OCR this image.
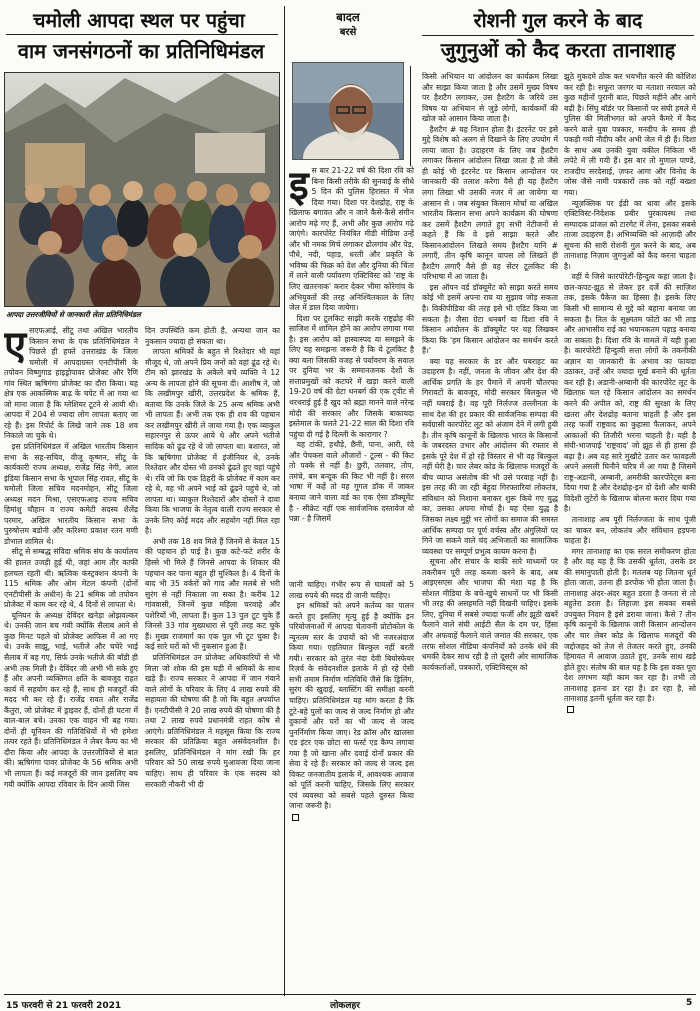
चमोली आपदा स्थल पर पहुंचा
वाम जनसंगठनों का प्रतिनिधिमंडल
आपदा उत्तरजीवियों से जानकारी लेता प्रतिनिधिमंडल
ए सएफआई, सीटू तथा अखिल भारतीय किसान सभा के एक प्रतिनिधिमंडल ने पिछले ही हफ्ते उत्तराखंड के जिला चमोली में आपदाग्रस्त एनटीपीसी के तपोवन विष्णुगाड हाइड्रोपावर प्रोजेक्ट और रैणि गांव स्थित ऋषिगंगा प्रोजेक्ट का दौरा किया। यह क्षेत्र एक आकस्मिक बाढ़ के चपेट में आ गया था जो माना जाता है कि ग्लेशियर टूटने से आयी थी। आपदा में 204 से ज्यादा लोग लापता बताए जा रहे हैं। इस रिपोर्ट के लिखे जाने तक 18 शव निकाले जा चुके थे।
 इस प्रतिनिधिमंडल में अखिल भारतीय किसान सभा के सह-सचिव, वीजू कृष्णन, सीटू के कार्यकारी राज्य अध्यक्ष, राजेंद्र सिंह नेगी, आल इंडिया किसान सभा के भूपाल सिंह रावत, सीटू के चमोली जिला सचिव मदनमोहन, सीटू जिला अध्यक्ष मदन मिश्रा, एसएफआइ राज्य सचिव हिमांशु चौहान व राज्य कमेटी सदस्य शैलेंद्र परमार, अखिल भारतीय किसान सभा के पुरुषोत्तम बडोनी और करिश्मा प्रकाश रतन मणी डोभाल शामिल थे।
 सीटू से सम्बद्ध संविदा श्रमिक संघ के कार्यालय की हालत उजड़ी हुई थी, जहां आम तौर काफी हलचल रहती थी। ऋत्विक कंस्ट्रक्शन कंपनी के 115 श्रमिक और ओम मेटल कंपनी (दोनों एनटीपीसी के अधीन) के 21 श्रमिक जो तपोवन प्रोजेक्ट में काम कर रहे थे, 4 दिनों से लापता थे।
 यूनियन के अध्यक्ष देविंदर खनेड़ा ओझवल्कर थे। उनकी जान बच गयी क्योंकि सैलाब आने से कुछ मिनट पहले वो प्रोजेक्ट आफिस में आ गए थे। उनके साझू, भाई, भतीजे और चचेरे भाई सैलाब में बह गए, सिर्फ उनके भतीजे की बॉडी ही अभी तक मिली है। देविंदर जी अभी भी सके हुए हैं और अपनी व्यक्तिगत क्षति के बावजूद राहत कार्य में सहयोग कर रहे हैं, साथ ही मजदूरों की मदद भी कर रहे हैं। राजेंद्र रावत और राजेंद्र कैंतुरा, जो प्रोजेक्ट में ड्राइवर हैं, दोनों ही घटना में बाल-बाल बचे। उनका एक वाहन भी बह गया। दोनों ही यूनियन की गतिविधियों में भी हमेशा तत्पर रहते हैं। प्रतिनिधिमंडल ने लेबर कैम्प का भी दौरा किया और आपदा के उत्तरजीवियों से बात की। ऋषिगंगा पावर प्रोजेक्ट के 56 श्रमिक अभी भी लापता हैं। कई मजदूरों की जान इसलिए बच गयी क्योंकि आपदा रविवार के दिन आयी जिस
दिन उपस्थिति कम होती है, अन्यथा जान का नुकसान ज्यादा हो सकता था।
 लापता श्रमिकों के बहुत से रिश्तेदार भी वहां मौजूद थे, जो अपने प्रिय जनों को वहां ढूंढ रहे थे। टीम को झारखंड के अकेले बचे व्यक्ति ने 12 अन्य के लापता होने की सूचना दी। आशीष ने, जो कि लखीमपुर खीरी, उत्तरप्रदेश के श्रमिक हैं, बताया कि उनके जिले के 25 अन्य श्रमिक अभी भी लापता हैं। अभी तक एक ही शव की पहचान कर लखीमपुर खीरी ले जाया गया है। एक व्याकुल सहारनपुर से ऊपर आये थे और अपने भतीजे सादिक को ढूंढ रहे थे जो लापता था। बशारत, जो कि ऋषिगंगा प्रोजेक्ट में इंजीनियर थे, उनके रिश्तेदार और दोस्त भी उनको ढूंढते हुए वहां पहुंचे थे। रवि जो कि एक ठिहरी के प्रोजेक्ट में काम कर रहे थे, वह भी अपने भाई को ढूंढने पहुंचे थे, जो लापता था। व्याकुल रिश्तेदारों और दोस्तों ने दावा किया कि भाजपा के नेतृत्व वाली राज्य सरकार से उनके लिए कोई मदद और सहयोग नहीं मिल रहा है।
 अभी तक 18 शव मिले हैं जिनमें से केवल 15 की पहचान हो पाई है। कुछ कटे-फटे शरीर के हिस्से भी मिले हैं जिनसे आपदा के शिकार की पहचान कर पाना बहुत ही मुश्किल है। 4 दिनों के बाद भी 35 वर्करों को गाद और मलबे से भरी सुरंग से नहीं निकाला जा सका है। करीब 12 गांववासी, जिनमें कुछ महिला चरवाहे और पशेरियों भी, लापता हैं। कुल 13 पुल टूट चुके हैं जिनसे 33 गांव मुख्यधारा से पूरी तरह कट चुके हैं। मुख्य राजमार्ग का एक पुल भी टूट चुका है। कई सारे घरों को भी नुकसान हुआ है।
 प्रतिनिधिमंडल उन प्रोजेक्ट अधिकारियों से भी मिला जो शोक की इस घड़ी में श्रमिकों के साथ खड़े हैं। राज्य सरकार ने आपदा में जान गंवाने वाले लोगों के परिवार के लिए 4 लाख रुपये की सहायता की घोषणा की है जो कि बहुत अपर्याप्त है। एनटीपीसी ने 20 लाख रुपये की घोषणा की है तथा 2 लाख रुपये प्रधानमंत्री राहत कोष से आएंगे। प्रतिनिधिमंडल ने महसूस किया कि राज्य सरकार की प्रतिक्रिया बहुत असंवेदनशील है। इसलिए, प्रतिनिधिमंडल ने मांग रखी कि हर परिवार को 50 लाख रुपये मुआवजा दिया जाना चाहिए। साथ ही परिवार के एक सदस्य को सरकारी नौकरी भी दी
बादल
बरसे
इ स बार 21-22 वर्ष की दिशा रवि को बिना किसी तरीके की सुनवाई के सीधे 5 दिन की पुलिस हिरासत में भेज दिया गया। दिशा पर देशद्रोह, राष्ट्र के खिलाफ बगावत और न जाने कैसे-कैसे संगीन आरोप मढ़े गए हैं, अभी और कुछ आरोप गढ़े जाएंगे। कारपोरेट नियंत्रित मीडी मीडिया उन्हें और भी नमक मिर्च लगाकर ढोलगांव और पेड़, पौधे, नदी, पहाड़, धरती और प्रकृति के भविष्य की फिक्र को देश और दुनिया की चिंता में लाने वाली पर्यावरण एक्टिविस्ट को 'राष्ट्र के लिए खतरनाक' करार देकर भीमा कोरेगांव के अभियुक्तों की तरह अनिश्चितकाल के लिए जेल में डाल दिया जायेगा।
 दिशा पर टूलकिट साझी करके राष्ट्रद्रोह की साजिश में शामिल होने का आरोप लगाया गया है। इस आरोप को हास्यास्पद या समझने के लिए यह समझना जरूरी है कि ये टूलकिट है क्या बला जिसकी वजह से पर्यावरण के सवाल पर दुनिया भर के सम्मानजनक देशों के सत्ताप्रमुखों को कटघरे में खड़ा करने वाली 19-20 वर्ष की ग्रेटा थनबर्ग की एक ट्वीट से थरथराई हुई है खुद को ब्रह्मा मानने वाले नरेन्द्र मोदी की सरकार और जिसके बाकायदा इस्तेमाल के चलते 21-22 साल की दिशा रवि पहुंचा दी गई है दिल्ली के कारागार ?
 यह टांकी, हथौड़े, छैनी, पाना, आरी, रंदे और पेचकस वाले औजारों - टूल्स - की किट तो पक्के से नहीं है। छुरी, तलवार, तोप, तमंचे, बम बन्दूक की किट भी नहीं है। सरल भाषा में कहें तो यह गूगल डॉक में जाकर बनाया जाने वाला वर्ड का एक ऐसा डॉक्यूमेंट है - सीक्रेट नहीं एक सार्वजनिक दस्तावेज वो पन्ना - है जिसमें
जानी चाहिए। गंभीर रूप से घायलों को 5 लाख रुपये की मदद दी जानी चाहिए।
 इन श्रमिकों को अपने कर्तव्य का पालन करते हुए इसलिए मृत्यु हुई है क्योंकि इन परियोजनाओं में आपदा चेतावनी प्रोटोकोल के न्यूनतम स्तर के उपायों को भी नजरअंदाज किया गया। एहतियात बिल्कुल नहीं बरती गयी। सरकार को तुरंत नंदा देवी बियोस्फेयर रिज़र्व के संवेदनशील इलाके में हो रहे ऐसी सभी तमाम निर्माण गतिविधि जैसे कि ड्रिलिंग, सुरंग की खुदाई, ब्लास्टिंग की समीक्षा करनी चाहिए। प्रतिनिधिमंडल यह मांग करता है कि टूटे-बहे पुलों का जल्द से जल्द निर्माण हो और दुकानों और घरों का भी जल्द से जल्द पुनर्निर्माण किया जाए। रेड क्रॉस और खालसा एड इंटर एक छोटा सा फर्स्ट एड कैम्प लगाया गया है जो खाना और दवाई दोनों प्रकार की सेवा दे रहे हैं। सरकार को जल्द से जल्द इस विकट जनजातीय इलाके में, आवश्यक आवाज को पूर्ति करनी चाहिए, जिसके लिए सरकार एवं व्यवस्था को सबसे पहले दुरुस्त किया जाना जरूरी है।
किसी अभियान या आंदोलन का कार्यक्रम लिखा और साझा किया जाता है और उसमें मुख्य विषय पर हैशटैग लगाकर, उस हैशटैग के जरिये उस विषय या अभियान से जुड़े लोगों, कार्यकर्मों की खोज को आसान किया जाता है।
 हैशटैग # यह निशान होता है। इंटरनेट पर इसे मुद्दे विशेष को अलग से दिखाने के लिए उपयोग में लाया जाता है। उदाहरण के लिए जब हैशटैग लगाकर किसान आंदोलन लिखा जाता है तो जैसे ही कोई भी इंटरनेट पर किसान आन्दोलन पर जानकारी की तलाश करेगा वैसे ही यह हैशटैग लगा लिखा भी उसकी नजर में आ जायेगा या आसान से । जब संयुक्त किसान मोर्चा या अखिल भारतीय किसान सभा अपने कार्यक्रम की घोषणा कर उसमें हैशटैग लगाते हुए सभी नेटीजनों से कहते हैं कि वे इसे साझा करते और किसानआंदोलन लिखते समय हैशटैग यानि # लगाएँ, तीन कृषि कानून वापस लो लिखते ही हैशटैग लगाएँ वैसे ही वह सेंटर टूलकिट की परिभाषा में आ जाता है।
 इस ऑपन वर्ड डॉक्यूमेंट को साझा करते समय कोई भी इसमें अपना राय या सुझाव जोड़ सकता है। विकीपीडिया की तरह इसे भी एडिट किया जा सकता है। जैसा ग्रेटा थनबर्ग या दिशा रवि ने किसान आंदोलन के डॉक्यूमेंट पर यह लिखकर किया कि 'हम किसान आंदोलन का समर्थन करते हैं।'
 क्या यह सरकार के डर और घबराहट का उदाहरण है। नहीं, जनता के जीवन और देश की आर्थिक प्रगति के हर पैमाने में अपनी चौतरफा गिरावटों के बावजूद, मोदी सरकार बिलकुल भी नहीं घबराई है। वह पूरी निर्लज्ज तल्लीनता के साथ देश की हर प्रकार की सार्वजनिक सम्पदा की सर्वग्रासी कारपोरेट लूट को अंजाम देने में लगी हुयी है। तीन कृषि कानूनों के खिलाफ भारत के किसानों के जबरदस्त उभार और आंदोलन की रफ्तार से इसके पूरे देश में हो रहे विस्तार से भी वह बिल्कुल नहीं घेरी है। चार लेबर कोड के खिलाफ मजदूरों के बीच व्याप्त असंतोष की भी उसे परवाह नहीं है। इस तरह की जा रही बेहुदा गिरफ्तारियां लोकतंत्र, संविधान को निशाना बनाकर शुरू किये गए युद्ध का, उसका अपना मोर्चा है। यह ऐसा युद्ध है जिसका लक्ष्य मुट्ठी भर लोगों का समाज की समस्त आर्थिक सम्पदा पर पूर्ण वर्चस्व और अंगुलियों पर गिने जा सकने वाले चंद अभिजातों का सामाजिक व्यवस्था पर सम्पूर्ण प्रभुत्व कायम करना है।
 सूचना और संचार के बाकी सारे माध्यमों पर तकरीबन पूरी तरह कब्जा करने के बाद, अब आइएसएस और भाजपा की मंशा यह है कि सोशल मीडिया के बचे-खुचे साधनों पर भी किसी भी तरह की असहमति नहीं दिखनी चाहिए। इसके लिए, दुनिया में सबसे ज्यादा फर्जी और झूठी खबरें फैलाने वाले संघी आईटी सैल के दम पर, हिंसा और अफवाहें फैलाने वाले जमात की सरकार, एक तरफ सोशल मीडिया कंपनियों को उनके धंधे की धमकी देकर साथ रही है तो दूसरी ओर सामाजिक कार्यकर्ताओं, पत्रकारों, एक्टिविस्ट्स को
रोशनी गुल करने के बाद
जुगुनुओं को कैद करता तानाशाह
झूठे मुकदमे ठोक कर भयभीत करने की कोशिश कर रही है। सफूरा जरगर या नताशा नरवाल को कुछ महीनों पुरानी बात, पिछले महीने और आगे बढ़ी है। सिंघु बॉर्डर पर किसानों पर संघी हमले में पुलिस की मिलीभगत को अपने कैमरे में कैद करने वाले युवा पत्रकार, मनदीप के समय ही पकड़ी गयी नौदीप कौर अभी जेल में ही हैं। दिशा के साथ अब उनकी युवा वकील निकिता भी लपेटे में ली गयी हैं। इस बार तो मुणाल पाण्डे, राजदीप सरदेसाई, ज़फर आगा और विनोद के जोस जैसे नामी पत्रकारों तक को नहीं बख्शा गया।
 न्यूज़क्लिक पर ईडी का धावा और इसके एक्टिविस्ट-निदेशक प्रबीर पुरकायस्थ तथा सम्पादक प्रांजल को टारगेट में लेना, इसका सबसे ताजा उदाहरण है। अभिव्यक्ति को आज़ादी और सूचना की सारी रोशनी गुल करने के बाद, अब तानाशाह निज़ाम जुगनुओं को कैद करना चाहता है।
 वहीं ये जिसे कारपोरेटी-हिन्दुत्व कहा जाता है। छल-कपट-झूठ से लेकर हर दर्जे की साज़िश तक, इसके पैकेज का हिस्सा है। इसके लिए किसी भी सामान्य से मुद्दे को बहाना बनाया जा सकता है। तिल के सूक्ष्मतम फोटो का भी ताड़ और आभासीय राई का भयानकतम पहाड़ बनाया जा सकता है। दिशा रवि के मामले में यही हुआ है। कारपोरेटी हिन्दुत्वी सत्ता लोगों के तकनीकी अज्ञान या जानकारी के अभाव का फायदा उठाकर, उन्हें और ज्यादा मूर्ख बनाने की धूर्तता कर रही है। अडानी-अम्बानी की कारपोरेट लूट के खिलाफ़ चल रहे किसान आंदोलन का समर्थन करने की अपील को, राष्ट्र की सुरक्षा के लिए खतरा और देशद्रोह बताना चाहती है और इस तरह फर्जी राष्ट्रवाद का कुहासा फैलाकर, अपने आकाओं की तिजौरी भरना चाहती है। यही है संघी-भाजपाई 'राष्ट्रवाद' जो झूठ से ही हासा ही बढ़ा है। अब यह सारे मुखौटे उतार कर फावड़ली अपने असली घिनौने चरित्र में आ गया है जिसमें राष्ट्र-अडानी, अम्बानी, अमरीकी कारपोरेट्स बना दिया गया है और देशद्रोह-इन दो देशी और बाकी विदेशी लुटेरों के खिलाफ बोलना करार दिया गया है।
 तानाशाह अब पूरी निर्लज्जता के साथ पूंजी का चाकर बन, लोकतंत्र और संविधान हड़पना चाहता है।
 मगर तानाशाह का एक सरल समीकरण होता है और वह यह है कि उसकी धूर्तता, उसके डर की समानुपाती होती है। मतलब यह जितना धूर्त होता जाता, उतना ही डरपोक भी होता जाता है। तानाशाह अंदर-अंदर बहुत डरता है जनता से तो बहुतेरा डरता है। लिहाजा इस सबका सबसे उपयुक्त निदान है इसे डराया जाना। कैसे ? तीन कृषि कानूनों के खिलाफ जारी किसान आन्दोलन और चार लेबर कोड के खिलाफ मजदूरों की जद्दोजहद को तेज से तेजतर करते हुए, उनकी हिमायत में आवाज उठाते हुए, उनके साथ खड़े होते हुए। संतोष की बात यह है कि इस वक्त पूरा देश लगभग यही काम कर रहा है। तभी तो तानाशाह इतना डर रहा है। डर रहा है, सो तानाशाह इतनी धूर्तता कर रहा है।
15 फरवरी से 21 फरवरी 2021	लोकलहर	5
